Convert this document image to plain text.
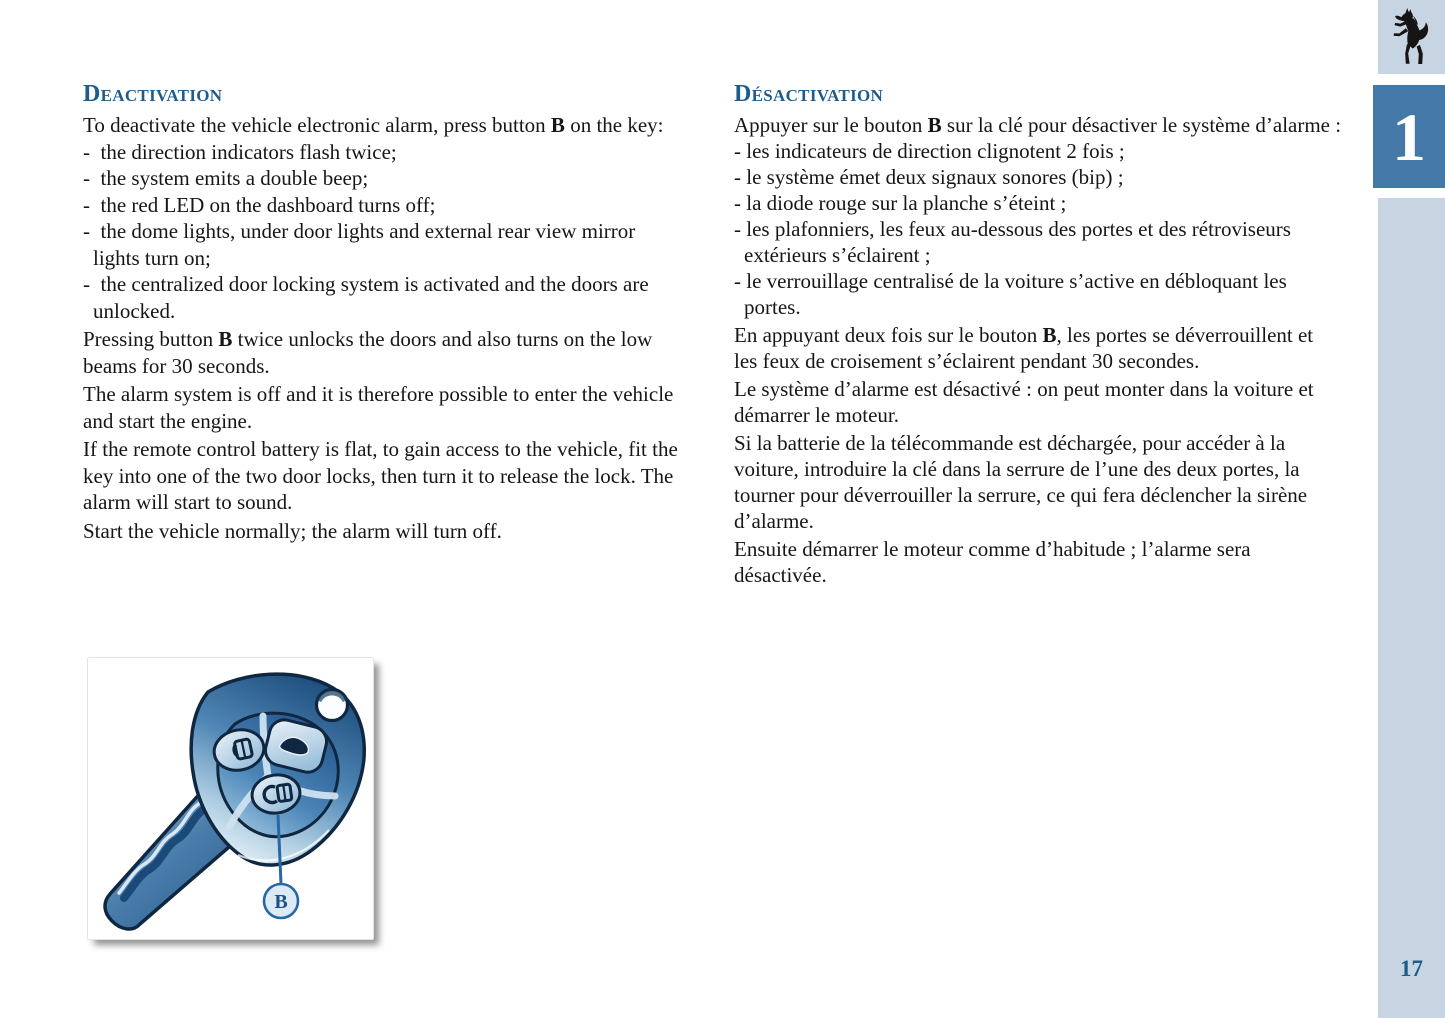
Deactivation
To deactivate the vehicle electronic alarm, press button B on the key:
-  the direction indicators flash twice;
-  the system emits a double beep;
-  the red LED on the dashboard turns off;
-  the dome lights, under door lights and external rear view mirror
lights turn on;
-  the centralized door locking system is activated and the doors are
unlocked.
Pressing button B twice unlocks the doors and also turns on the low
beams for 30 seconds.
The alarm system is off and it is therefore possible to enter the vehicle
and start the engine.
If the remote control battery is flat, to gain access to the vehicle, fit the
key into one of the two door locks, then turn it to release the lock. The
alarm will start to sound.
Start the vehicle normally; the alarm will turn off.
Désactivation
Appuyer sur le bouton B sur la clé pour désactiver le système d’alarme :
- les indicateurs de direction clignotent 2 fois ;
- le système émet deux signaux sonores (bip) ;
- la diode rouge sur la planche s’éteint ;
- les plafonniers, les feux au-dessous des portes et des rétroviseurs
extérieurs s’éclairent ;
- le verrouillage centralisé de la voiture s’active en débloquant les
portes.
En appuyant deux fois sur le bouton B, les portes se déverrouillent et
les feux de croisement s’éclairent pendant 30 secondes.
Le système d’alarme est désactivé : on peut monter dans la voiture et
démarrer le moteur.
Si la batterie de la télécommande est déchargée, pour accéder à la
voiture, introduire la clé dans la serrure de l’une des deux portes, la
tourner pour déverrouiller la serrure, ce qui fera déclencher la sirène
d’alarme.
Ensuite démarrer le moteur comme d’habitude ; l’alarme sera
désactivée.
B
1
17
